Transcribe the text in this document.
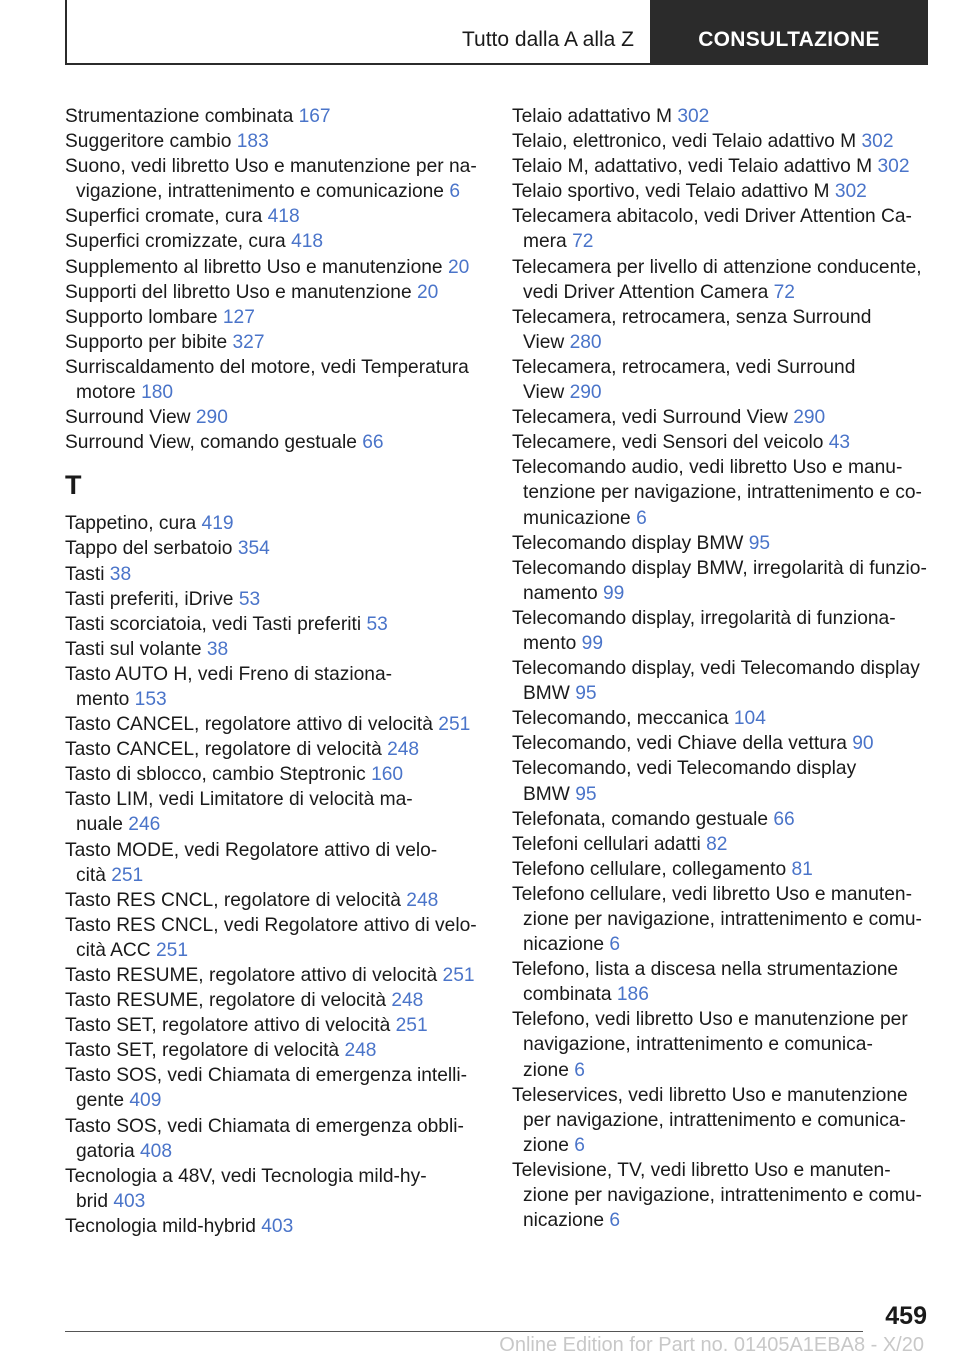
Tutto dalla A alla Z	CONSULTAZIONE
Strumentazione combinata 167
Suggeritore cambio 183
Suono, vedi libretto Uso e manutenzione per na-
vigazione, intrattenimento e comunicazione 6
Superfici cromate, cura 418
Superfici cromizzate, cura 418
Supplemento al libretto Uso e manutenzione 20
Supporti del libretto Uso e manutenzione 20
Supporto lombare 127
Supporto per bibite 327
Surriscaldamento del motore, vedi Temperatura
motore 180
Surround View 290
Surround View, comando gestuale 66
T
Tappetino, cura 419
Tappo del serbatoio 354
Tasti 38
Tasti preferiti, iDrive 53
Tasti scorciatoia, vedi Tasti preferiti 53
Tasti sul volante 38
Tasto AUTO H, vedi Freno di staziona-
mento 153
Tasto CANCEL, regolatore attivo di velocità 251
Tasto CANCEL, regolatore di velocità 248
Tasto di sblocco, cambio Steptronic 160
Tasto LIM, vedi Limitatore di velocità ma-
nuale 246
Tasto MODE, vedi Regolatore attivo di velo-
cità 251
Tasto RES CNCL, regolatore di velocità 248
Tasto RES CNCL, vedi Regolatore attivo di velo-
cità ACC 251
Tasto RESUME, regolatore attivo di velocità 251
Tasto RESUME, regolatore di velocità 248
Tasto SET, regolatore attivo di velocità 251
Tasto SET, regolatore di velocità 248
Tasto SOS, vedi Chiamata di emergenza intelli-
gente 409
Tasto SOS, vedi Chiamata di emergenza obbli-
gatoria 408
Tecnologia a 48V, vedi Tecnologia mild-hy-
brid 403
Tecnologia mild-hybrid 403
Telaio adattativo M 302
Telaio, elettronico, vedi Telaio adattivo M 302
Telaio M, adattativo, vedi Telaio adattivo M 302
Telaio sportivo, vedi Telaio adattivo M 302
Telecamera abitacolo, vedi Driver Attention Ca-
mera 72
Telecamera per livello di attenzione conducente,
vedi Driver Attention Camera 72
Telecamera, retrocamera, senza Surround
View 280
Telecamera, retrocamera, vedi Surround
View 290
Telecamera, vedi Surround View 290
Telecamere, vedi Sensori del veicolo 43
Telecomando audio, vedi libretto Uso e manu-
tenzione per navigazione, intrattenimento e co-
municazione 6
Telecomando display BMW 95
Telecomando display BMW, irregolarità di funzio-
namento 99
Telecomando display, irregolarità di funziona-
mento 99
Telecomando display, vedi Telecomando display
BMW 95
Telecomando, meccanica 104
Telecomando, vedi Chiave della vettura 90
Telecomando, vedi Telecomando display
BMW 95
Telefonata, comando gestuale 66
Telefoni cellulari adatti 82
Telefono cellulare, collegamento 81
Telefono cellulare, vedi libretto Uso e manuten-
zione per navigazione, intrattenimento e comu-
nicazione 6
Telefono, lista a discesa nella strumentazione
combinata 186
Telefono, vedi libretto Uso e manutenzione per
navigazione, intrattenimento e comunica-
zione 6
Teleservices, vedi libretto Uso e manutenzione
per navigazione, intrattenimento e comunica-
zione 6
Televisione, TV, vedi libretto Uso e manuten-
zione per navigazione, intrattenimento e comu-
nicazione 6
459
Online Edition for Part no. 01405A1EBA8 - X/20
